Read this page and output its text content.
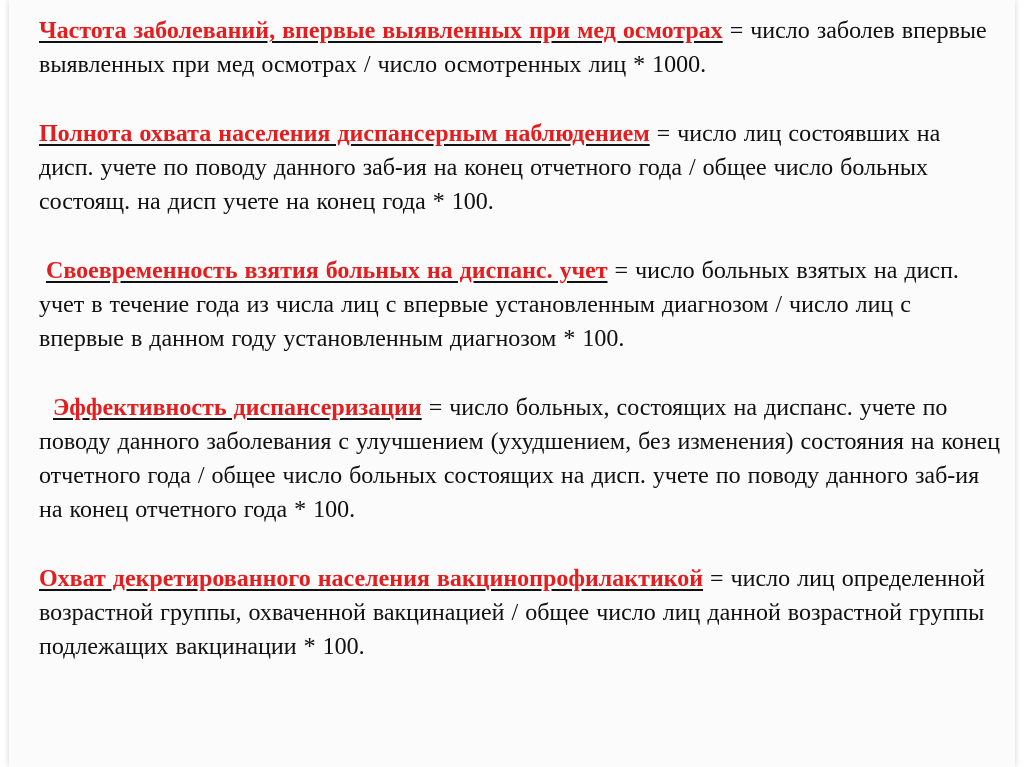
Частота заболеваний, впервые выявленных при мед осмотрах = число заболев впервые выявленных при мед осмотрах / число осмотренных лиц * 1000.

Полнота охвата населения диспансерным наблюдением = число лиц состоявших на дисп. учете по поводу данного заб-ия на конец отчетного года / общее число больных состоящ. на дисп учете на конец года * 100.

Своевременность взятия больных на диспанс. учет = число больных взятых на дисп. учет в течение года из числа лиц с впервые установленным диагнозом / число лиц с впервые в данном году установленным диагнозом * 100.

Эффективность диспансеризации = число больных, состоящих на диспанс. учете по поводу данного заболевания с улучшением (ухудшением, без изменения) состояния на конец отчетного года / общее число больных состоящих на дисп. учете по поводу данного заб-ия на конец отчетного года * 100.

Охват декретированного населения вакцинопрофилактикой = число лиц определенной возрастной группы, охваченной вакцинацией / общее число лиц данной возрастной группы подлежащих вакцинации * 100.
